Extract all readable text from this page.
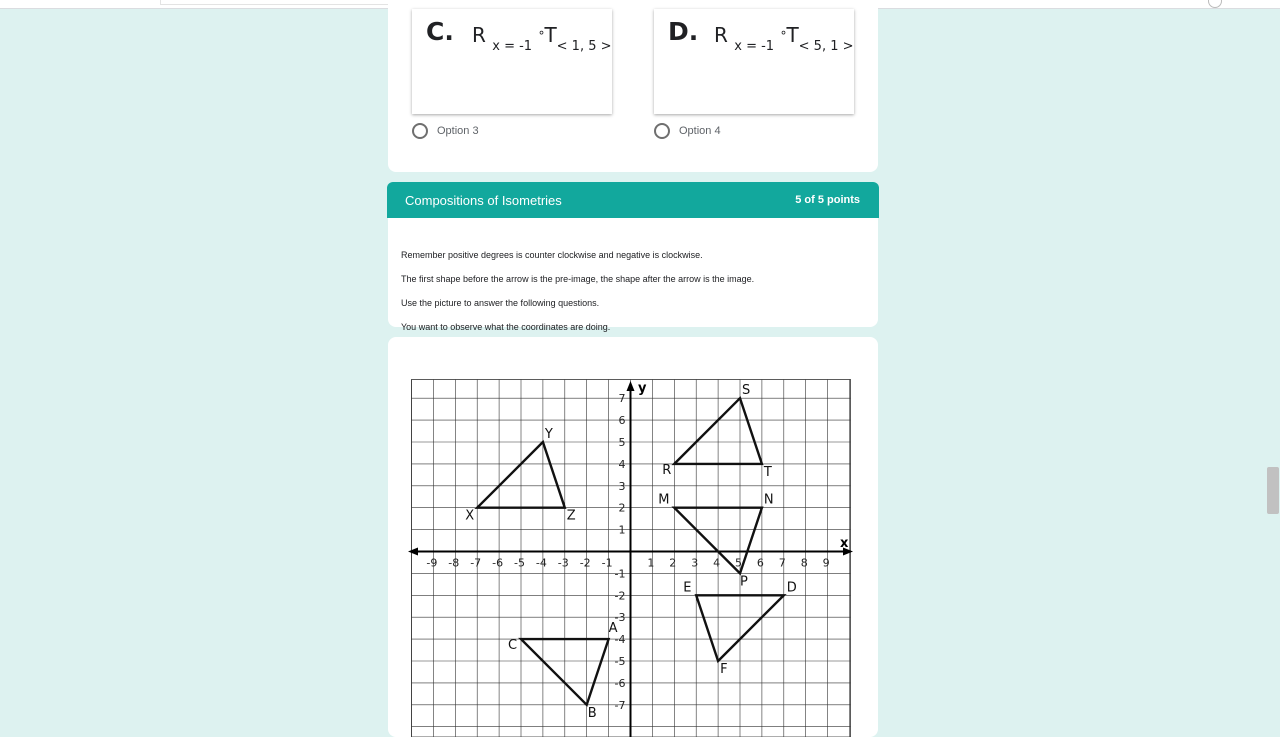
C. R $_{x = -1}$ $^\circ T_{< 1, 5 >}$
Option 3
D. R $_{x = -1}$ $^\circ T_{< 5, 1 >}$
Option 4
Compositions of Isometries	5 of 5 points

Remember positive degrees is counter clockwise and negative is clockwise.

The first shape before the arrow is the pre-image, the shape after the arrow is the image.

Use the picture to answer the following questions.

You want to observe what the coordinates are doing.

x
y
-9 -8 -7 -6 -5 -4 -3 -2 -1	1 2 3 4 5 6 7 8 9
-7
-6
-5
-4
-3
-2
-1
1
2
3
4
5
6
7
X
Y
Z
R
S
T
M	N
P
E	D
F
C
A
B
